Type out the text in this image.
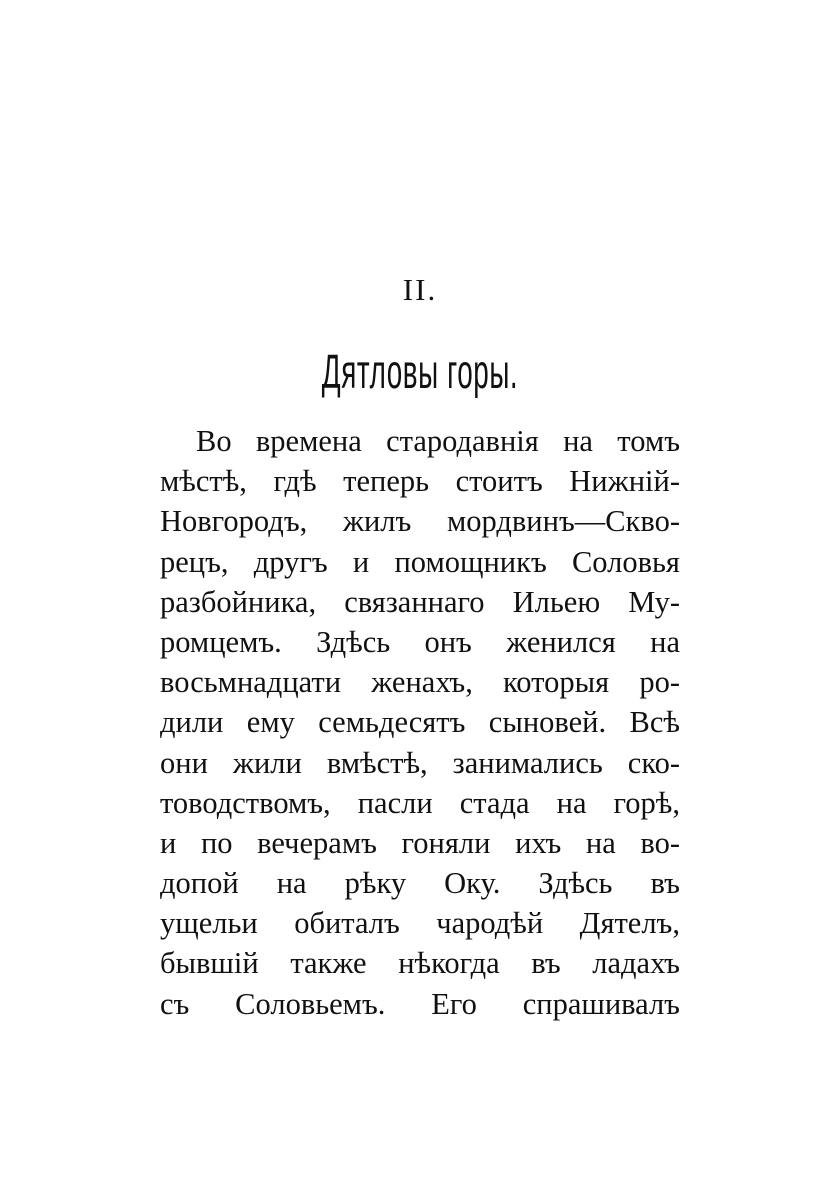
II.
Дятловы горы.
Во времена стародавнія на томъ
мѣстѣ, гдѣ теперь стоитъ Нижній-
Новгородъ, жилъ мордвинъ—Скво-
рецъ, другъ и помощникъ Соловья
разбойника, связаннаго Ильею Му-
ромцемъ. Здѣсь онъ женился на
восьмнадцати женахъ, которыя ро-
дили ему семьдесятъ сыновей. Всѣ
они жили вмѣстѣ, занимались ско-
товодствомъ, пасли стада на горѣ,
и по вечерамъ гоняли ихъ на во-
допой на рѣку Оку. Здѣсь въ
ущельи обиталъ чародѣй Дятелъ,
бывшій также нѣкогда въ ладахъ
съ Соловьемъ. Его спрашивалъ
